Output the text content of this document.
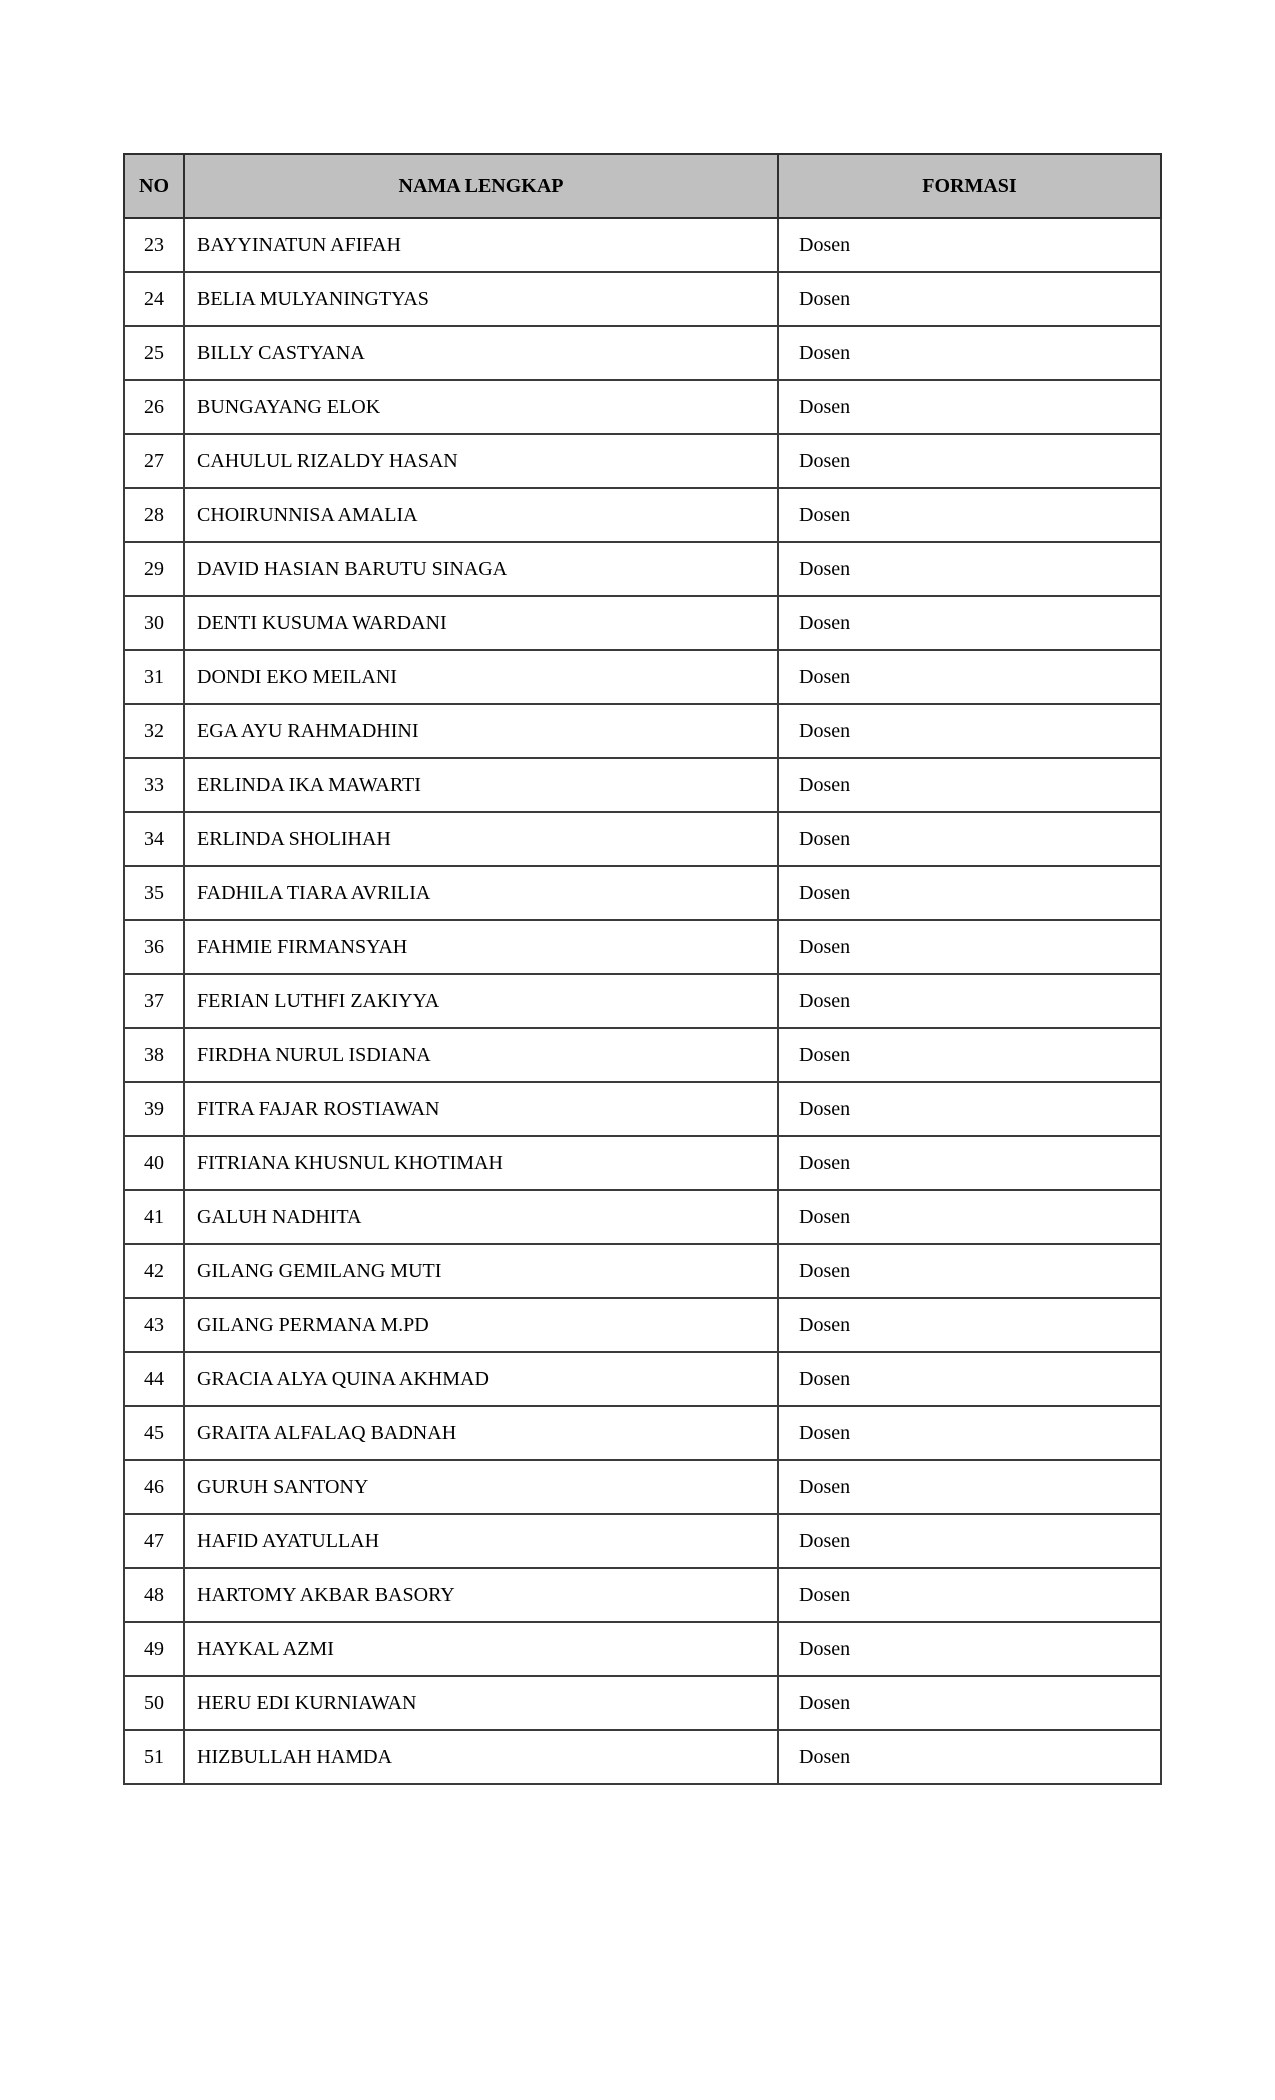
NO	NAMA LENGKAP	FORMASI
23	BAYYINATUN AFIFAH	Dosen
24	BELIA MULYANINGTYAS	Dosen
25	BILLY CASTYANA	Dosen
26	BUNGAYANG ELOK	Dosen
27	CAHULUL RIZALDY HASAN	Dosen
28	CHOIRUNNISA AMALIA	Dosen
29	DAVID HASIAN BARUTU SINAGA	Dosen
30	DENTI KUSUMA WARDANI	Dosen
31	DONDI EKO MEILANI	Dosen
32	EGA AYU RAHMADHINI	Dosen
33	ERLINDA IKA MAWARTI	Dosen
34	ERLINDA SHOLIHAH	Dosen
35	FADHILA TIARA AVRILIA	Dosen
36	FAHMIE FIRMANSYAH	Dosen
37	FERIAN LUTHFI ZAKIYYA	Dosen
38	FIRDHA NURUL ISDIANA	Dosen
39	FITRA FAJAR ROSTIAWAN	Dosen
40	FITRIANA KHUSNUL KHOTIMAH	Dosen
41	GALUH NADHITA	Dosen
42	GILANG GEMILANG MUTI	Dosen
43	GILANG PERMANA M.PD	Dosen
44	GRACIA ALYA QUINA AKHMAD	Dosen
45	GRAITA ALFALAQ BADNAH	Dosen
46	GURUH SANTONY	Dosen
47	HAFID AYATULLAH	Dosen
48	HARTOMY AKBAR BASORY	Dosen
49	HAYKAL AZMI	Dosen
50	HERU EDI KURNIAWAN	Dosen
51	HIZBULLAH HAMDA	Dosen
